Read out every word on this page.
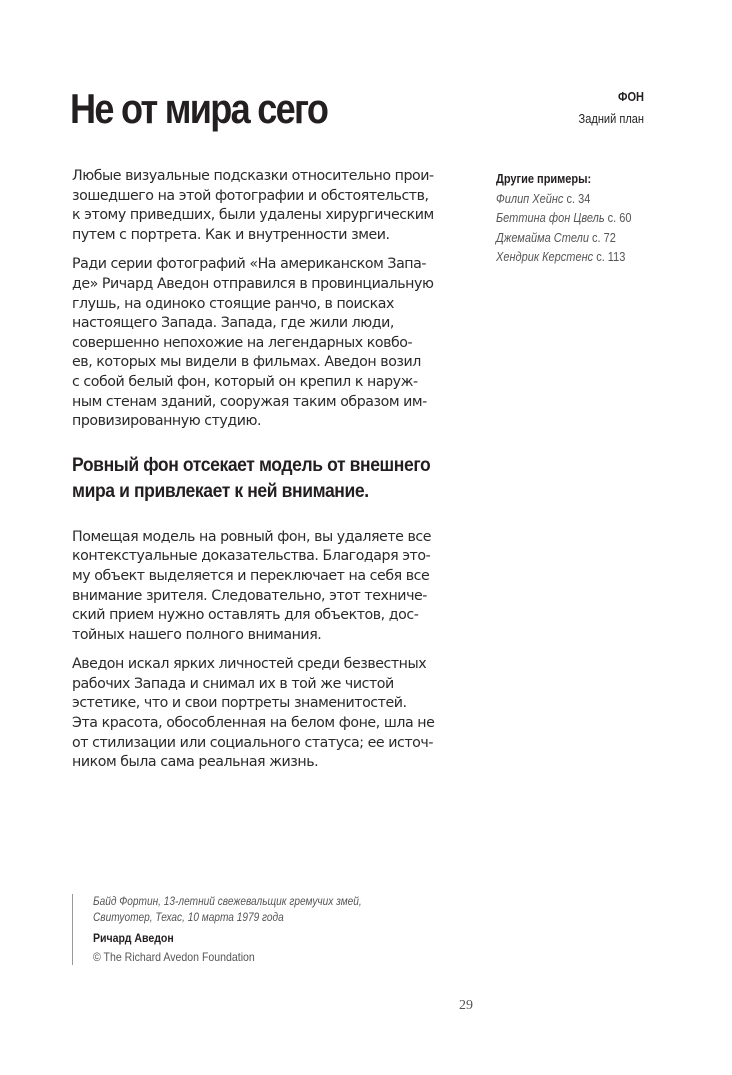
Не от мира сего	ФОН
Задний план

Любые визуальные подсказки относительно прои-
зошедшего на этой фотографии и обстоятельств,
к этому приведших, были удалены хирургическим
путем с портрета. Как и внутренности змеи.

Ради серии фотографий «На американском Запа-
де» Ричард Аведон отправился в провинциальную
глушь, на одиноко стоящие ранчо, в поисках
настоящего Запада. Запада, где жили люди,
совершенно непохожие на легендарных ковбо-
ев, которых мы видели в фильмах. Аведон возил
с собой белый фон, который он крепил к наруж-
ным стенам зданий, сооружая таким образом им-
провизированную студию.

Ровный фон отсекает модель от внешнего
мира и привлекает к ней внимание.

Помещая модель на ровный фон, вы удаляете все
контекстуальные доказательства. Благодаря это-
му объект выделяется и переключает на себя все
внимание зрителя. Следовательно, этот техниче-
ский прием нужно оставлять для объектов, дос-
тойных нашего полного внимания.

Аведон искал ярких личностей среди безвестных
рабочих Запада и снимал их в той же чистой
эстетике, что и свои портреты знаменитостей.
Эта красота, обособленная на белом фоне, шла не
от стилизации или социального статуса; ее источ-
ником была сама реальная жизнь.

Другие примеры:
Филип Хейнс с. 34
Беттина фон Цвель с. 60
Джемайма Стели с. 72
Хендрик Керстенс с. 113
Байд Фортин, 13-летний свежевальщик гремучих змей,
Свитуотер, Техас, 10 марта 1979 года
Ричард Аведон
© The Richard Avedon Foundation
29
